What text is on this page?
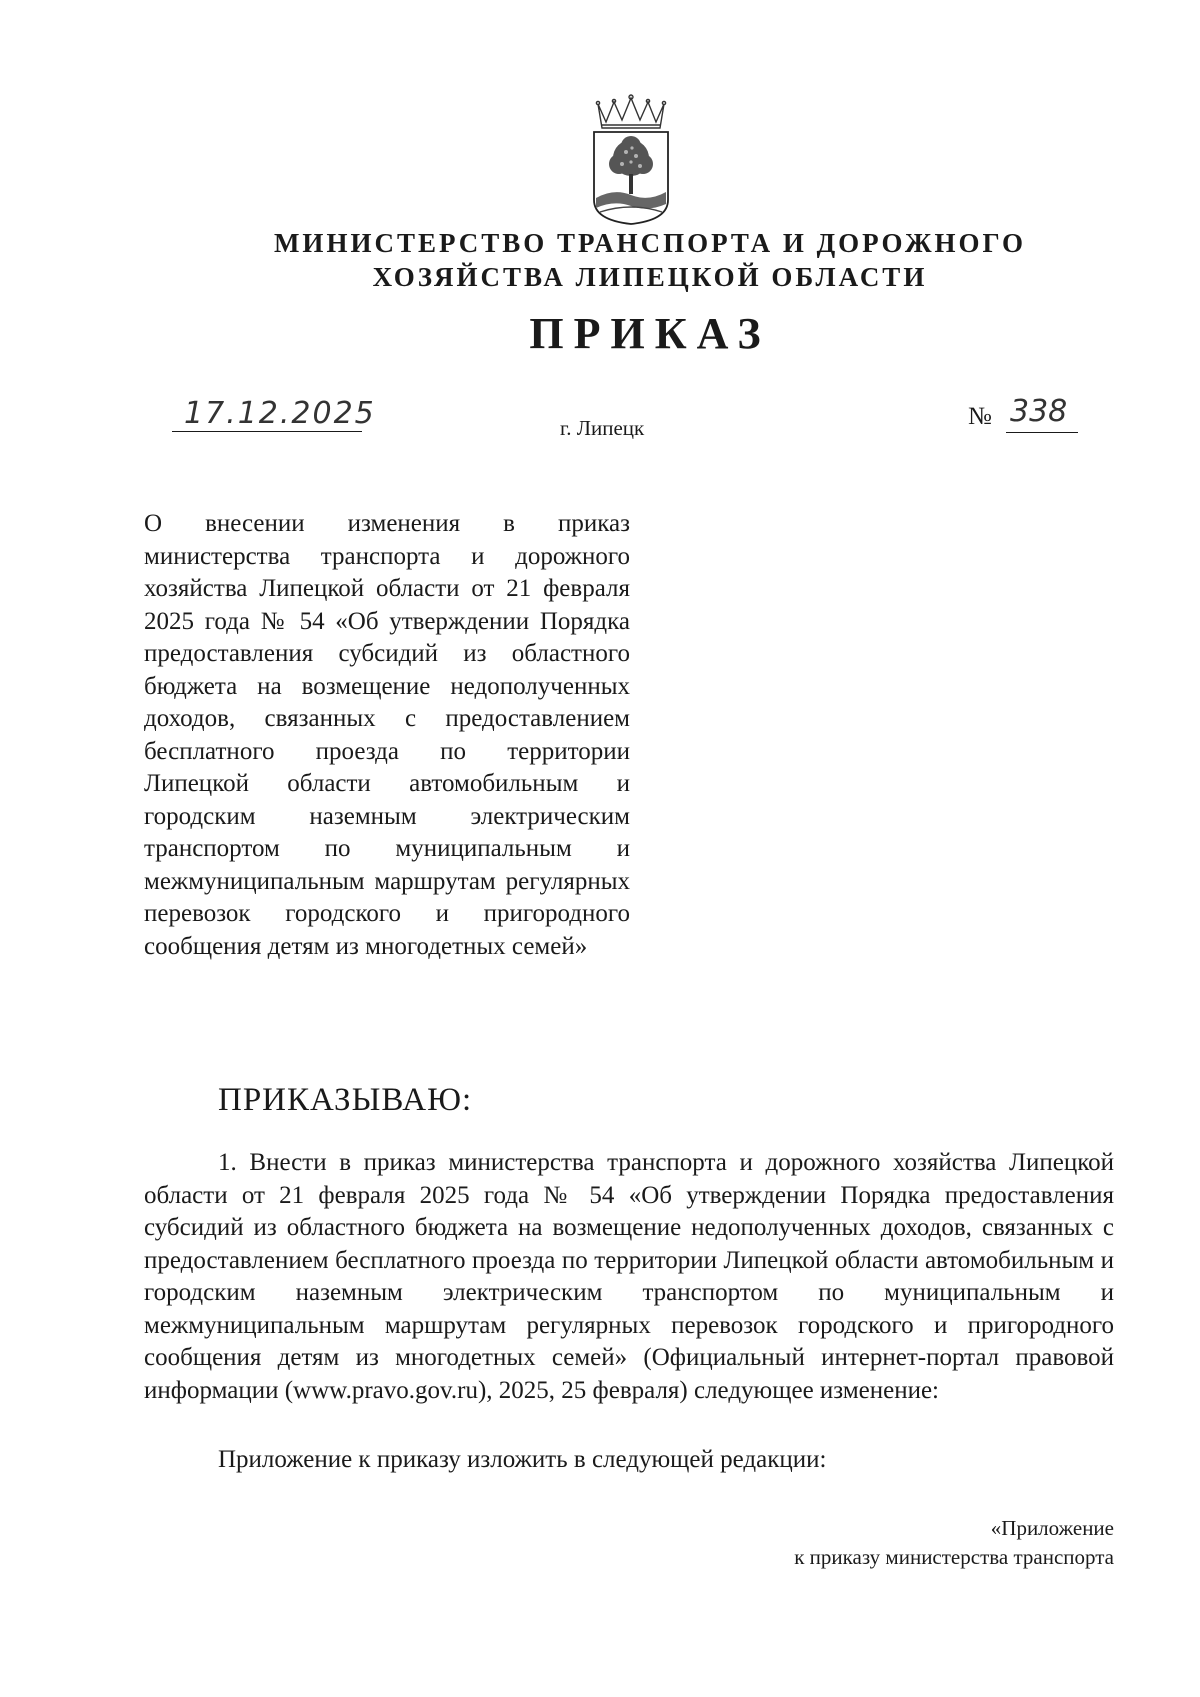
МИНИСТЕРСТВО ТРАНСПОРТА И ДОРОЖНОГО
ХОЗЯЙСТВА ЛИПЕЦКОЙ ОБЛАСТИ
ПРИКАЗ
17.12.2025	г. Липецк	№ 338
О внесении изменения в приказ министерства транспорта и дорожного хозяйства Липецкой области от 21 февраля 2025 года № 54 «Об утверждении Порядка предоставления субсидий из областного бюджета на возмещение недополученных доходов, связанных с предоставлением бесплатного проезда по территории Липецкой области автомобильным и городским наземным электрическим транспортом по муниципальным и межмуниципальным маршрутам регулярных перевозок городского и пригородного сообщения детям из многодетных семей»
ПРИКАЗЫВАЮ:
1. Внести в приказ министерства транспорта и дорожного хозяйства Липецкой области от 21 февраля 2025 года № 54 «Об утверждении Порядка предоставления субсидий из областного бюджета на возмещение недополученных доходов, связанных с предоставлением бесплатного проезда по территории Липецкой области автомобильным и городским наземным электрическим транспортом по муниципальным и межмуниципальным маршрутам регулярных перевозок городского и пригородного сообщения детям из многодетных семей» (Официальный интернет-портал правовой информации (www.pravo.gov.ru), 2025, 25 февраля) следующее изменение:
Приложение к приказу изложить в следующей редакции:
«Приложение
к приказу министерства транспорта
